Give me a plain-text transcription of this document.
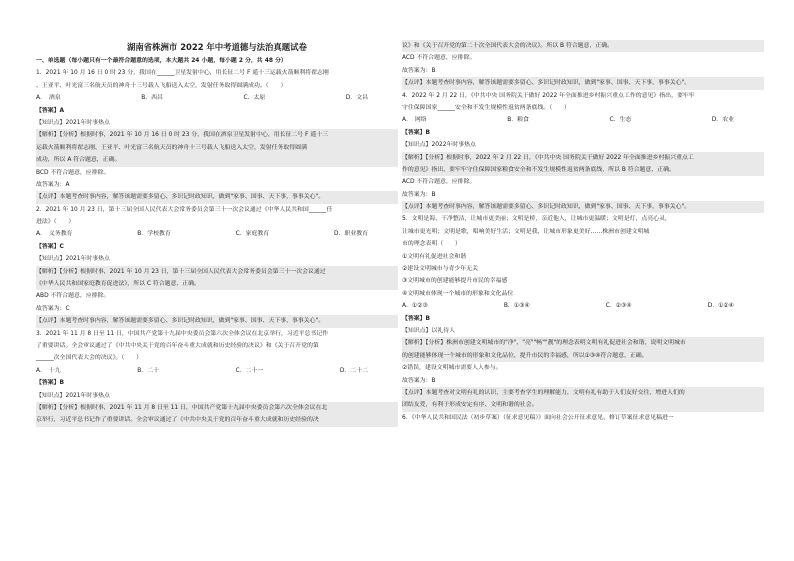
湖南省株洲市 2022 年中考道德与法治真题试卷
一、单选题（每小题只有一个最符合题意的选项，本大题共 24 小题，每小题 2 分，共 48 分）
1．2021 年 10 月 16 日 0 时 23 分，我国在______卫星发射中心，用长征二号 F 遥十三运载火箭顺利将翟志刚
、王亚平、叶光富三名航天员的神舟十三号载人飞船送入太空，发射任务取得圆满成功。（　　）
A．　酒泉	B．西昌	C．太原	D．文昌
【答案】A
【知识点】2021年时事热点
【解析】【分析】根据时事，2021 年 10 月 16 日 0 时 23 分，我国在酒泉卫星发射中心，用长征二号 F 遥十三
运载火箭顺利将翟志刚、王亚平、叶光富三名航天员的神舟十三号载人飞船送入太空，发射任务取得圆满
成功，所以 A 符合题意，正确。
BCD 不符合题意，应排除。
故答案为：A
【点评】本题考查时事内容，解答该题需要多留心、多识记时政知识，做到"家事、国事、天下事，事事关心"。
2．2021 年 10 月 23 日，第十三届全国人民代表大会常务委员会第三十一次会议通过《中华人民共和国______任
进法》（　　）
A．　义务教育	B．学校教育	C．家庭教育	D．职业教育
【答案】C
【知识点】2021年时事热点
【解析】【分析】根据时事，2021 年 10 月 23 日，第十三届全国人民代表大会常务委员会第三十一次会议通过
《中华人民共和国家庭教育促进法》，所以 C 符合题意，正确。
ABD 不符合题意，应排除。
故答案为：C
【点评】本题考查时事内容，解答该题需要多留心、多识记时政知识，做到"家事、国事、天下事，事事关心"。
3．2021 年 11 月 8 日至 11 日，中国共产党第十九届中央委员会第六次全体会议在北京举行，习近平总书记作
了重要讲话。全会审议通过了《中共中央关于党的百年奋斗重大成就和历史经验的决议》和《关于召开党的第
______次全国代表大会的决议》。（　　）
A．　十九	B．二十	C．二十一	D．二十二
【答案】B
【知识点】2021年时事热点
【解析】【分析】根据时事，2021 年 11 月 8 日至 11 日，中国共产党第十九届中央委员会第六次全体会议在北
京举行，习近平总书记作了重要讲话。全会审议通过了《中共中央关于党的百年奋斗重大成就和历史经验的决
议》和《关于召开党的第二十次全国代表大会的决议》。所以 B 符合题意，正确。
ACD 不符合题意，应排除。
故答案为：B
【点评】本题考查时事内容，解答该题需要多留心、多识记时政知识，做到"家事、国事、天下事，事事关心"。
4．2022 年 2 月 22 日，《中共中央 国务院关于做好 2022 年全面推进乡村振兴重点工作的意见》指出，要牢牢
守住保障国家______安全和不发生规模性返贫两条底线。（　　）
A．　网络	B．粮食	C．生态	D．农业
【答案】B
【知识点】2022年时事热点
【解析】【分析】根据时事，2022 年 2 月 22 日，《中共中央 国务院关于做好 2022 年全面推进乡村振兴重点工
作的意见》指出，要牢牢守住保障国家粮食安全和不发生规模性返贫两条底线，所以 B 符合题意，正确。
ACD 不符合题意，应排除。
故答案为：B
【点评】本题考查时事内容，解答该题需要多留心、多识记时政知识，做到"家事、国事、天下事，事事关心"。
5．文明是海，干净整洁，让城市更美丽；文明是桥，亲近他人，让城市更温暖；文明是灯，点亮心灵，
让城市更光明；文明是歌，唱响美好生活；文明是我，让城市形象更美好……株洲市创建文明城
市的理念表明（　　）
①文明有礼促进社会和谐
②建设文明城市与青少年无关
③文明城市的创建能够提升市民的幸福感
④文明城市体现一个城市的形象和文化品位
A．①②③	B．①③④	C．②③④	D．①②④
【答案】B
【知识点】以礼待人
【解析】【分析】株洲市创建文明城市的"净"、"亮""畅""靓"的理念表明文明有礼促进社会和谐，说明文明城市
的创建能够体现一个城市的形象和文化品位，提升市民的幸福感，所以①③④符合题意，正确。
②错误，建设文明城市需要人人参与。
故答案为：B
【点评】本题考查对文明有礼的认识，主要考查学生的理解能力，文明有礼有助于人们友好交往，增进人们的
团结友爱，有利于形成安定有序、文明和谐的社会。
6．《中华人民共和国民法（初步草案）（征求意见稿）》面向社会公开征求意见。修订草案征求意见稿进一
